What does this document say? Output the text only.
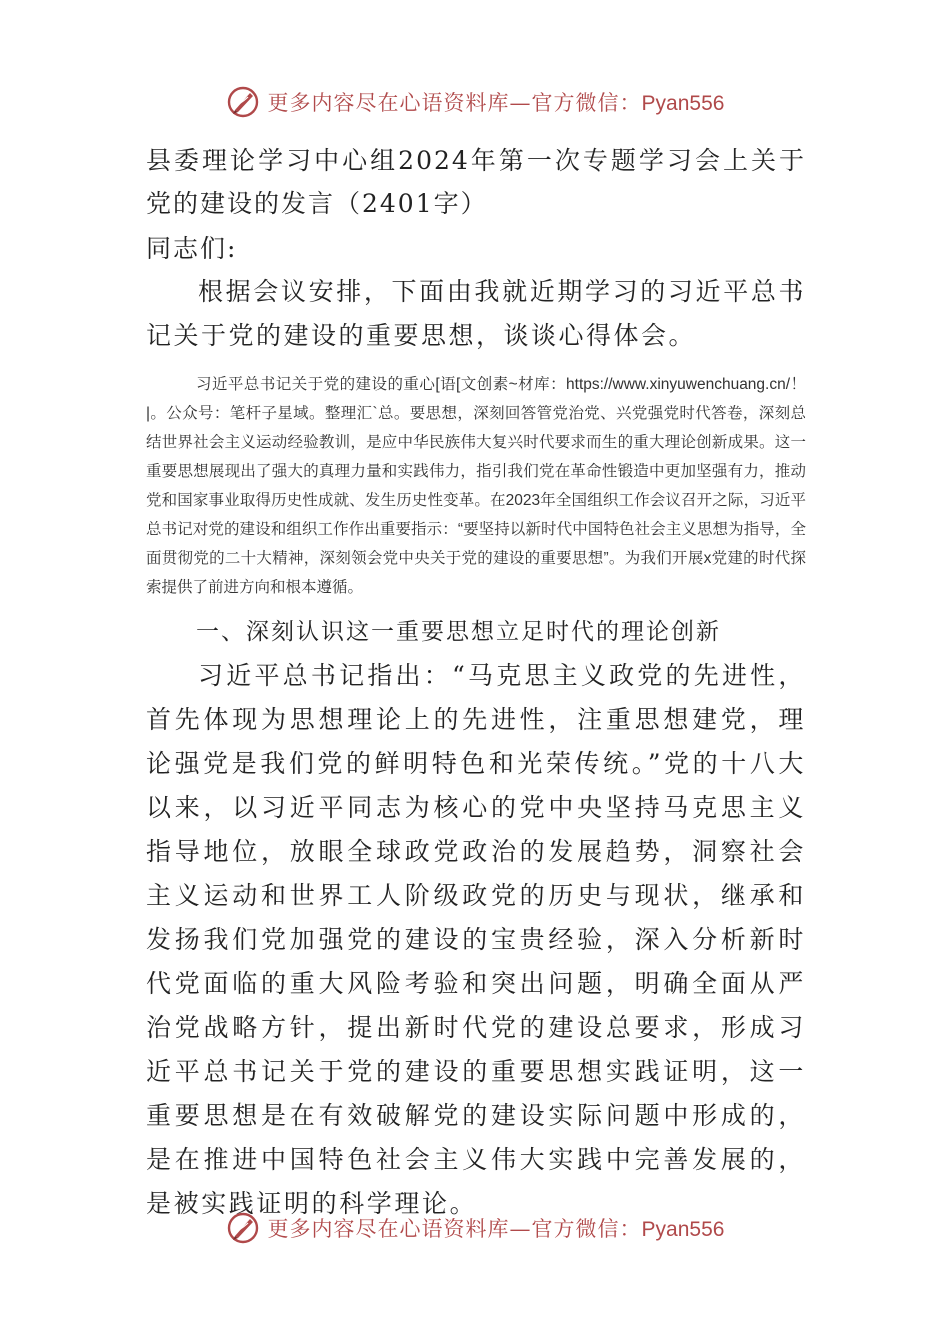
更多内容尽在心语资料库—官方微信：Pyan556

县委理论学习中心组2024年第一次专题学习会上关于党的建设的发言（2401字）

同志们:

根据会议安排，下面由我就近期学习的习近平总书记关于党的建设的重要思想，谈谈心得体会。

习近平总书记关于党的建设的重心[语[文创素~材库：https://www.xinyuwenchuang.cn/！|。公众号：笔杆子星域。整理汇`总。要思想，深刻回答管党治党、兴党强党时代答卷，深刻总结世界社会主义运动经验教训，是应中华民族伟大复兴时代要求而生的重大理论创新成果。这一重要思想展现出了强大的真理力量和实践伟力，指引我们党在革命性锻造中更加坚强有力，推动党和国家事业取得历史性成就、发生历史性变革。在2023年全国组织工作会议召开之际，习近平总书记对党的建设和组织工作作出重要指示：“要坚持以新时代中国特色社会主义思想为指导，全面贯彻党的二十大精神，深刻领会党中央关于党的建设的重要思想”。为我们开展x党建的时代探索提供了前进方向和根本遵循。

一、深刻认识这一重要思想立足时代的理论创新

习近平总书记指出：“马克思主义政党的先进性，首先体现为思想理论上的先进性，注重思想建党，理论强党是我们党的鲜明特色和光荣传统。”党的十八大以来，以习近平同志为核心的党中央坚持马克思主义指导地位，放眼全球政党政治的发展趋势，洞察社会主义运动和世界工人阶级政党的历史与现状，继承和发扬我们党加强党的建设的宝贵经验，深入分析新时代党面临的重大风险考验和突出问题，明确全面从严治党战略方针，提出新时代党的建设总要求，形成习近平总书记关于党的建设的重要思想实践证明，这一重要思想是在有效破解党的建设实际问题中形成的，是在推进中国特色社会主义伟大实践中完善发展的，是被实践证明的科学理论。

更多内容尽在心语资料库—官方微信：Pyan556
